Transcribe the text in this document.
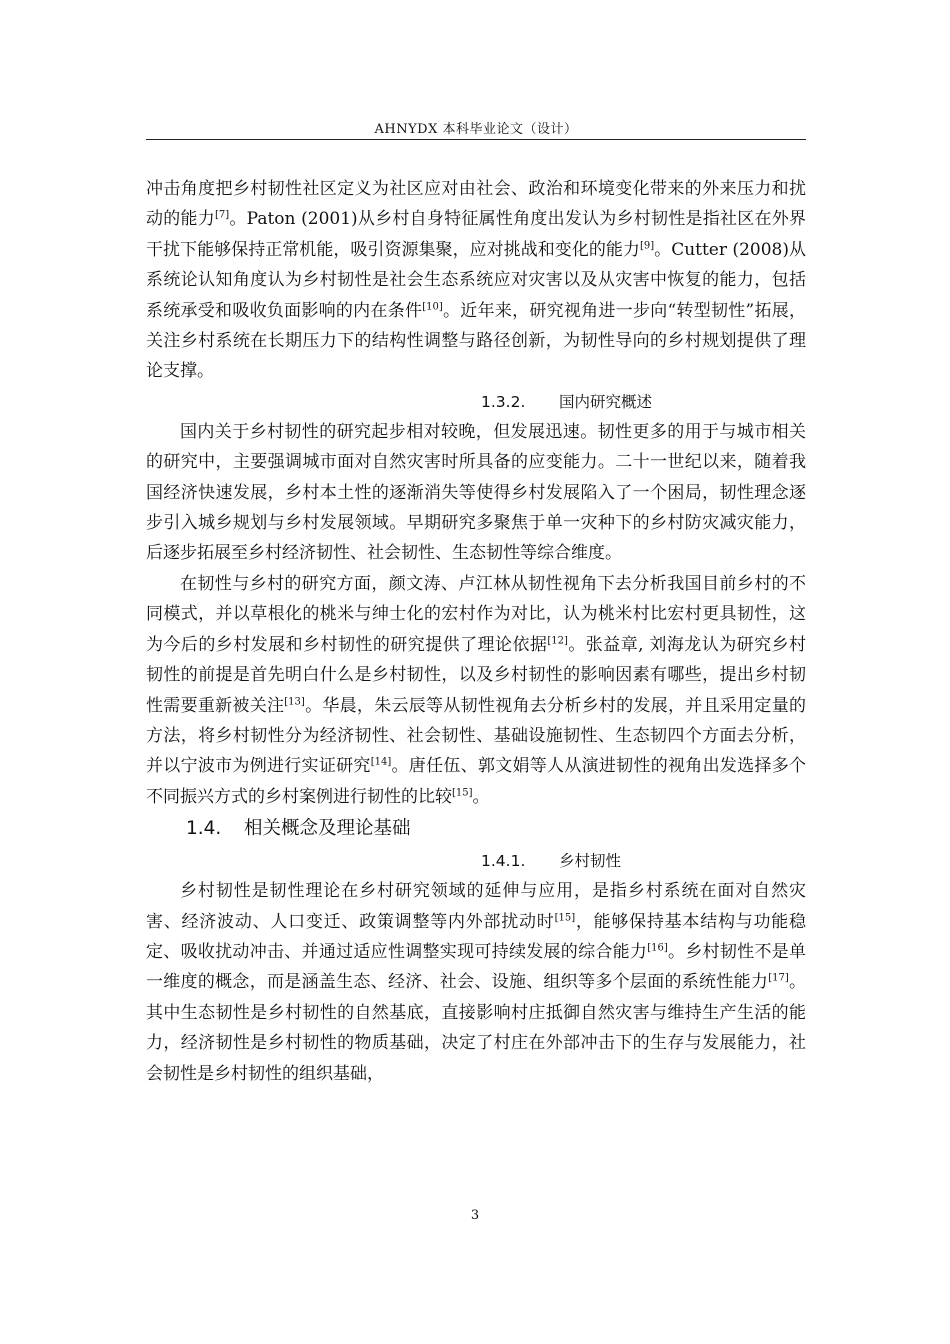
AHNYDX 本科毕业论文（设计）

冲击角度把乡村韧性社区定义为社区应对由社会、政治和环境变化带来的外来压力和扰动的能力[7]。Paton (2001)从乡村自身特征属性角度出发认为乡村韧性是指社区在外界干扰下能够保持正常机能，吸引资源集聚，应对挑战和变化的能力[9]。Cutter (2008)从系统论认知角度认为乡村韧性是社会生态系统应对灾害以及从灾害中恢复的能力，包括系统承受和吸收负面影响的内在条件[10]。近年来，研究视角进一步向“转型韧性”拓展，关注乡村系统在长期压力下的结构性调整与路径创新，为韧性导向的乡村规划提供了理论支撑。

1.3.2. 国内研究概述

国内关于乡村韧性的研究起步相对较晚，但发展迅速。韧性更多的用于与城市相关的研究中，主要强调城市面对自然灾害时所具备的应变能力。二十一世纪以来，随着我国经济快速发展，乡村本土性的逐渐消失等使得乡村发展陷入了一个困局，韧性理念逐步引入城乡规划与乡村发展领域。早期研究多聚焦于单一灾种下的乡村防灾减灾能力，后逐步拓展至乡村经济韧性、社会韧性、生态韧性等综合维度。

在韧性与乡村的研究方面，颜文涛、卢江林从韧性视角下去分析我国目前乡村的不同模式，并以草根化的桃米与绅士化的宏村作为对比，认为桃米村比宏村更具韧性，这为今后的乡村发展和乡村韧性的研究提供了理论依据[12]。张益章, 刘海龙认为研究乡村韧性的前提是首先明白什么是乡村韧性，以及乡村韧性的影响因素有哪些，提出乡村韧性需要重新被关注[13]。华晨，朱云辰等从韧性视角去分析乡村的发展，并且采用定量的方法，将乡村韧性分为经济韧性、社会韧性、基础设施韧性、生态韧四个方面去分析，并以宁波市为例进行实证研究[14]。唐任伍、郭文娟等人从演进韧性的视角出发选择多个不同振兴方式的乡村案例进行韧性的比较[15]。

1.4. 相关概念及理论基础
1.4.1. 乡村韧性

乡村韧性是韧性理论在乡村研究领域的延伸与应用，是指乡村系统在面对自然灾害、经济波动、人口变迁、政策调整等内外部扰动时[15]，能够保持基本结构与功能稳定、吸收扰动冲击、并通过适应性调整实现可持续发展的综合能力[16]。乡村韧性不是单一维度的概念，而是涵盖生态、经济、社会、设施、组织等多个层面的系统性能力[17]。其中生态韧性是乡村韧性的自然基底，直接影响村庄抵御自然灾害与维持生产生活的能力，经济韧性是乡村韧性的物质基础，决定了村庄在外部冲击下的生存与发展能力，社会韧性是乡村韧性的组织基础，

3
